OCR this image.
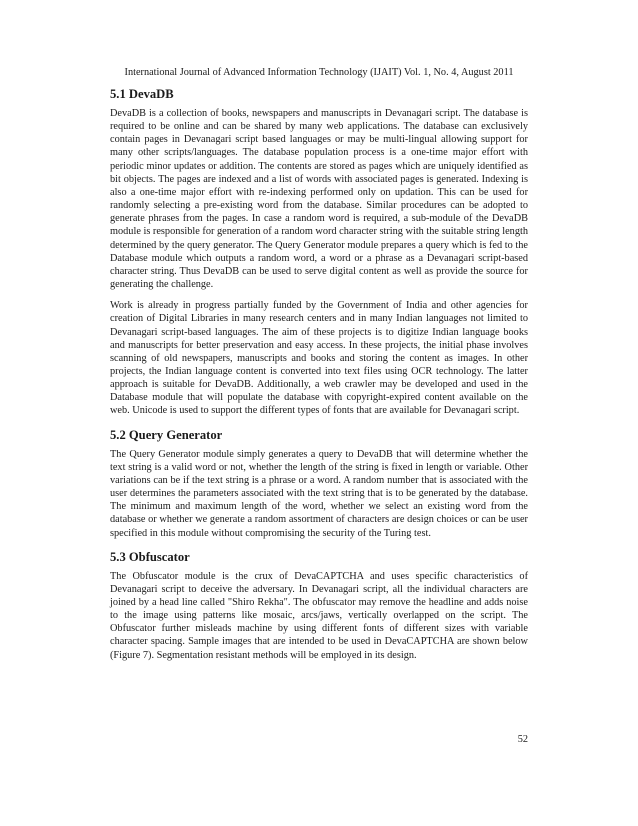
International Journal of Advanced Information Technology (IJAIT) Vol. 1, No. 4, August 2011
5.1 DevaDB

DevaDB is a collection of books, newspapers and manuscripts in Devanagari script. The database is required to be online and can be shared by many web applications. The database can exclusively contain pages in Devanagari script based languages or may be multi-lingual allowing support for many other scripts/languages. The database population process is a one-time major effort with periodic minor updates or addition. The contents are stored as pages which are uniquely identified as bit objects. The pages are indexed and a list of words with associated pages is generated. Indexing is also a one-time major effort with re-indexing performed only on updation. This can be used for randomly selecting a pre-existing word from the database. Similar procedures can be adopted to generate phrases from the pages. In case a random word is required, a sub-module of the DevaDB module is responsible for generation of a random word character string with the suitable string length determined by the query generator. The Query Generator module prepares a query which is fed to the Database module which outputs a random word, a word or a phrase as a Devanagari script-based character string. Thus DevaDB can be used to serve digital content as well as provide the source for generating the challenge.

Work is already in progress partially funded by the Government of India and other agencies for creation of Digital Libraries in many research centers and in many Indian languages not limited to Devanagari script-based languages. The aim of these projects is to digitize Indian language books and manuscripts for better preservation and easy access. In these projects, the initial phase involves scanning of old newspapers, manuscripts and books and storing the content as images. In other projects, the Indian language content is converted into text files using OCR technology. The latter approach is suitable for DevaDB. Additionally, a web crawler may be developed and used in the Database module that will populate the database with copyright-expired content available on the web. Unicode is used to support the different types of fonts that are available for Devanagari script.

5.2 Query Generator

The Query Generator module simply generates a query to DevaDB that will determine whether the text string is a valid word or not, whether the length of the string is fixed in length or variable. Other variations can be if the text string is a phrase or a word. A random number that is associated with the user determines the parameters associated with the text string that is to be generated by the database. The minimum and maximum length of the word, whether we select an existing word from the database or whether we generate a random assortment of characters are design choices or can be user specified in this module without compromising the security of the Turing test.

5.3 Obfuscator

The Obfuscator module is the crux of DevaCAPTCHA and uses specific characteristics of Devanagari script to deceive the adversary. In Devanagari script, all the individual characters are joined by a head line called "Shiro Rekha". The obfuscator may remove the headline and adds noise to the image using patterns like mosaic, arcs/jaws, vertically overlapped on the script. The Obfuscator further misleads machine by using different fonts of different sizes with variable character spacing. Sample images that are intended to be used in DevaCAPTCHA are shown below (Figure 7). Segmentation resistant methods will be employed in its design.

52
